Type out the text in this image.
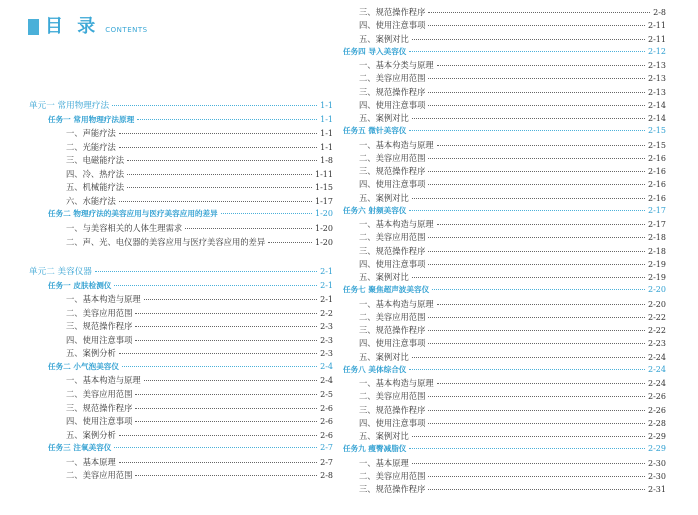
目 录 CONTENTS
单元一 常用物理疗法	1-1
任务一 常用物理疗法原理	1-1
一、声能疗法	1-1
二、光能疗法	1-1
三、电磁能疗法	1-8
四、冷、热疗法	1-11
五、机械能疗法	1-15
六、水能疗法	1-17
任务二 物理疗法的美容应用与医疗美容应用的差异	1-20
一、与美容相关的人体生理需求	1-20
二、声、光、电仪器的美容应用与医疗美容应用的差异	1-20
单元二 美容仪器	2-1
任务一 皮肤检测仪	2-1
一、基本构造与原理	2-1
二、美容应用范围	2-2
三、规范操作程序	2-3
四、使用注意事项	2-3
五、案例分析	2-3
任务二 小气泡美容仪	2-4
一、基本构造与原理	2-4
二、美容应用范围	2-5
三、规范操作程序	2-6
四、使用注意事项	2-6
五、案例分析	2-6
任务三 注氧美容仪	2-7
一、基本原理	2-7
二、美容应用范围	2-8
三、规范操作程序	2-8
四、使用注意事项	2-11
五、案例对比	2-11
任务四 导入美容仪	2-12
一、基本分类与原理	2-13
二、美容应用范围	2-13
三、规范操作程序	2-13
四、使用注意事项	2-14
五、案例对比	2-14
任务五 微针美容仪	2-15
一、基本构造与原理	2-15
二、美容应用范围	2-16
三、规范操作程序	2-16
四、使用注意事项	2-16
五、案例对比	2-16
任务六 射频美容仪	2-17
一、基本构造与原理	2-17
二、美容应用范围	2-18
三、规范操作程序	2-18
四、使用注意事项	2-19
五、案例对比	2-19
任务七 聚焦超声波美容仪	2-20
一、基本构造与原理	2-20
二、美容应用范围	2-22
三、规范操作程序	2-22
四、使用注意事项	2-23
五、案例对比	2-24
任务八 美体综合仪	2-24
一、基本构造与原理	2-24
二、美容应用范围	2-26
三、规范操作程序	2-26
四、使用注意事项	2-28
五、案例对比	2-29
任务九 瘦臀减脂仪	2-29
一、基本原理	2-30
二、美容应用范围	2-30
三、规范操作程序	2-31
